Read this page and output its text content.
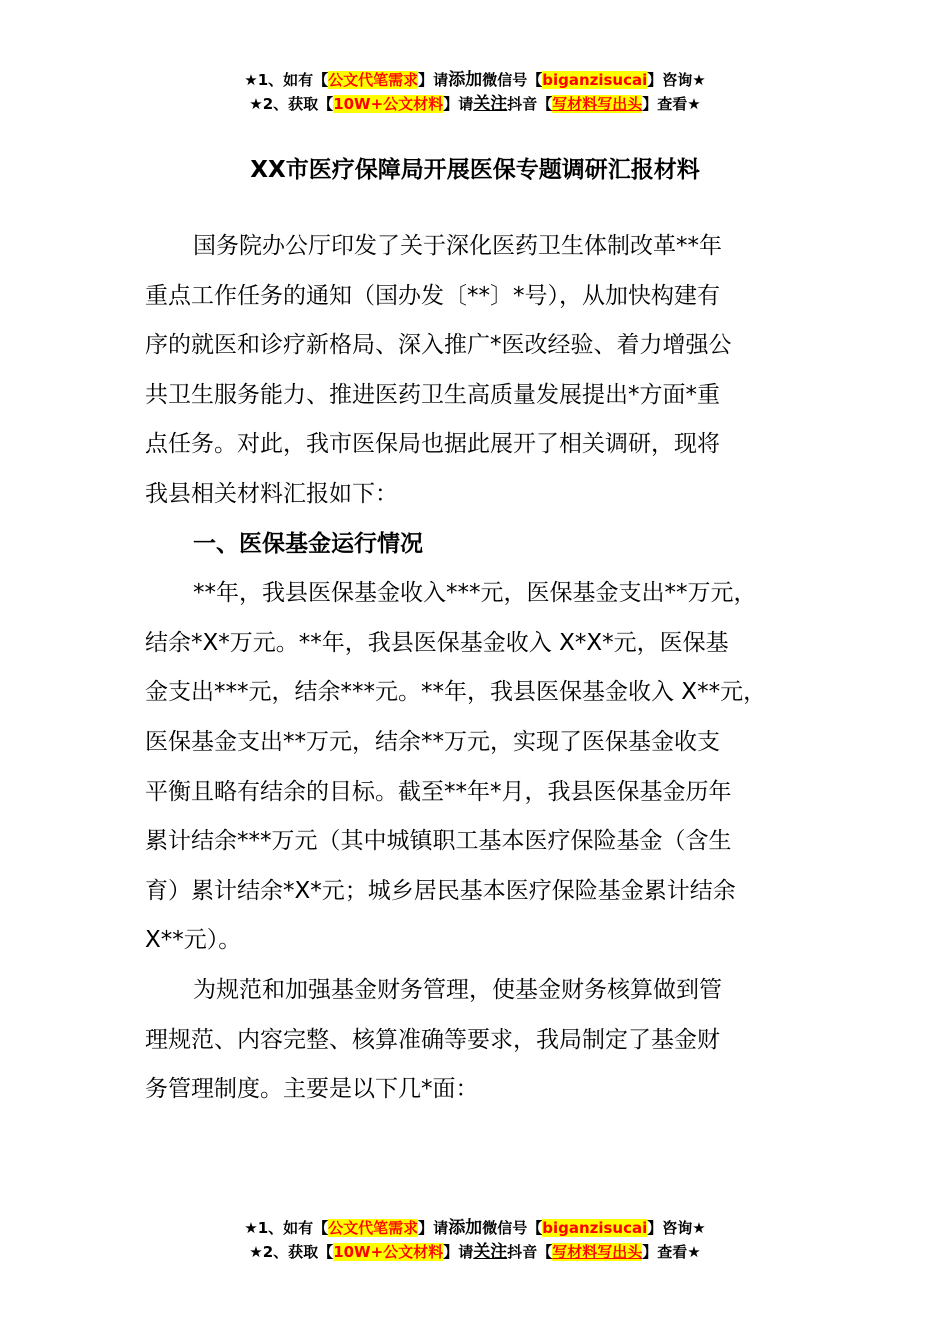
★1、如有【公文代笔需求】请添加微信号【biganzisucai】咨询★
★2、获取【10W+公文材料】请关注抖音【写材料写出头】查看★
XX市医疗保障局开展医保专题调研汇报材料

国务院办公厅印发了关于深化医药卫生体制改革**年
重点工作任务的通知（国办发〔**〕*号），从加快构建有
序的就医和诊疗新格局、深入推广*医改经验、着力增强公
共卫生服务能力、推进医药卫生高质量发展提出*方面*重
点任务。对此，我市医保局也据此展开了相关调研，现将
我县相关材料汇报如下：

一、医保基金运行情况

**年，我县医保基金收入***元，医保基金支出**万元，
结余*X*万元。**年，我县医保基金收入 X*X*元，医保基
金支出***元，结余***元。**年，我县医保基金收入 X**元，
医保基金支出**万元，结余**万元，实现了医保基金收支
平衡且略有结余的目标。截至**年*月，我县医保基金历年
累计结余***万元（其中城镇职工基本医疗保险基金（含生
育）累计结余*X*元；城乡居民基本医疗保险基金累计结余
X**元）。

为规范和加强基金财务管理，使基金财务核算做到管
理规范、内容完整、核算准确等要求，我局制定了基金财
务管理制度。主要是以下几*面：

★1、如有【公文代笔需求】请添加微信号【biganzisucai】咨询★
★2、获取【10W+公文材料】请关注抖音【写材料写出头】查看★
